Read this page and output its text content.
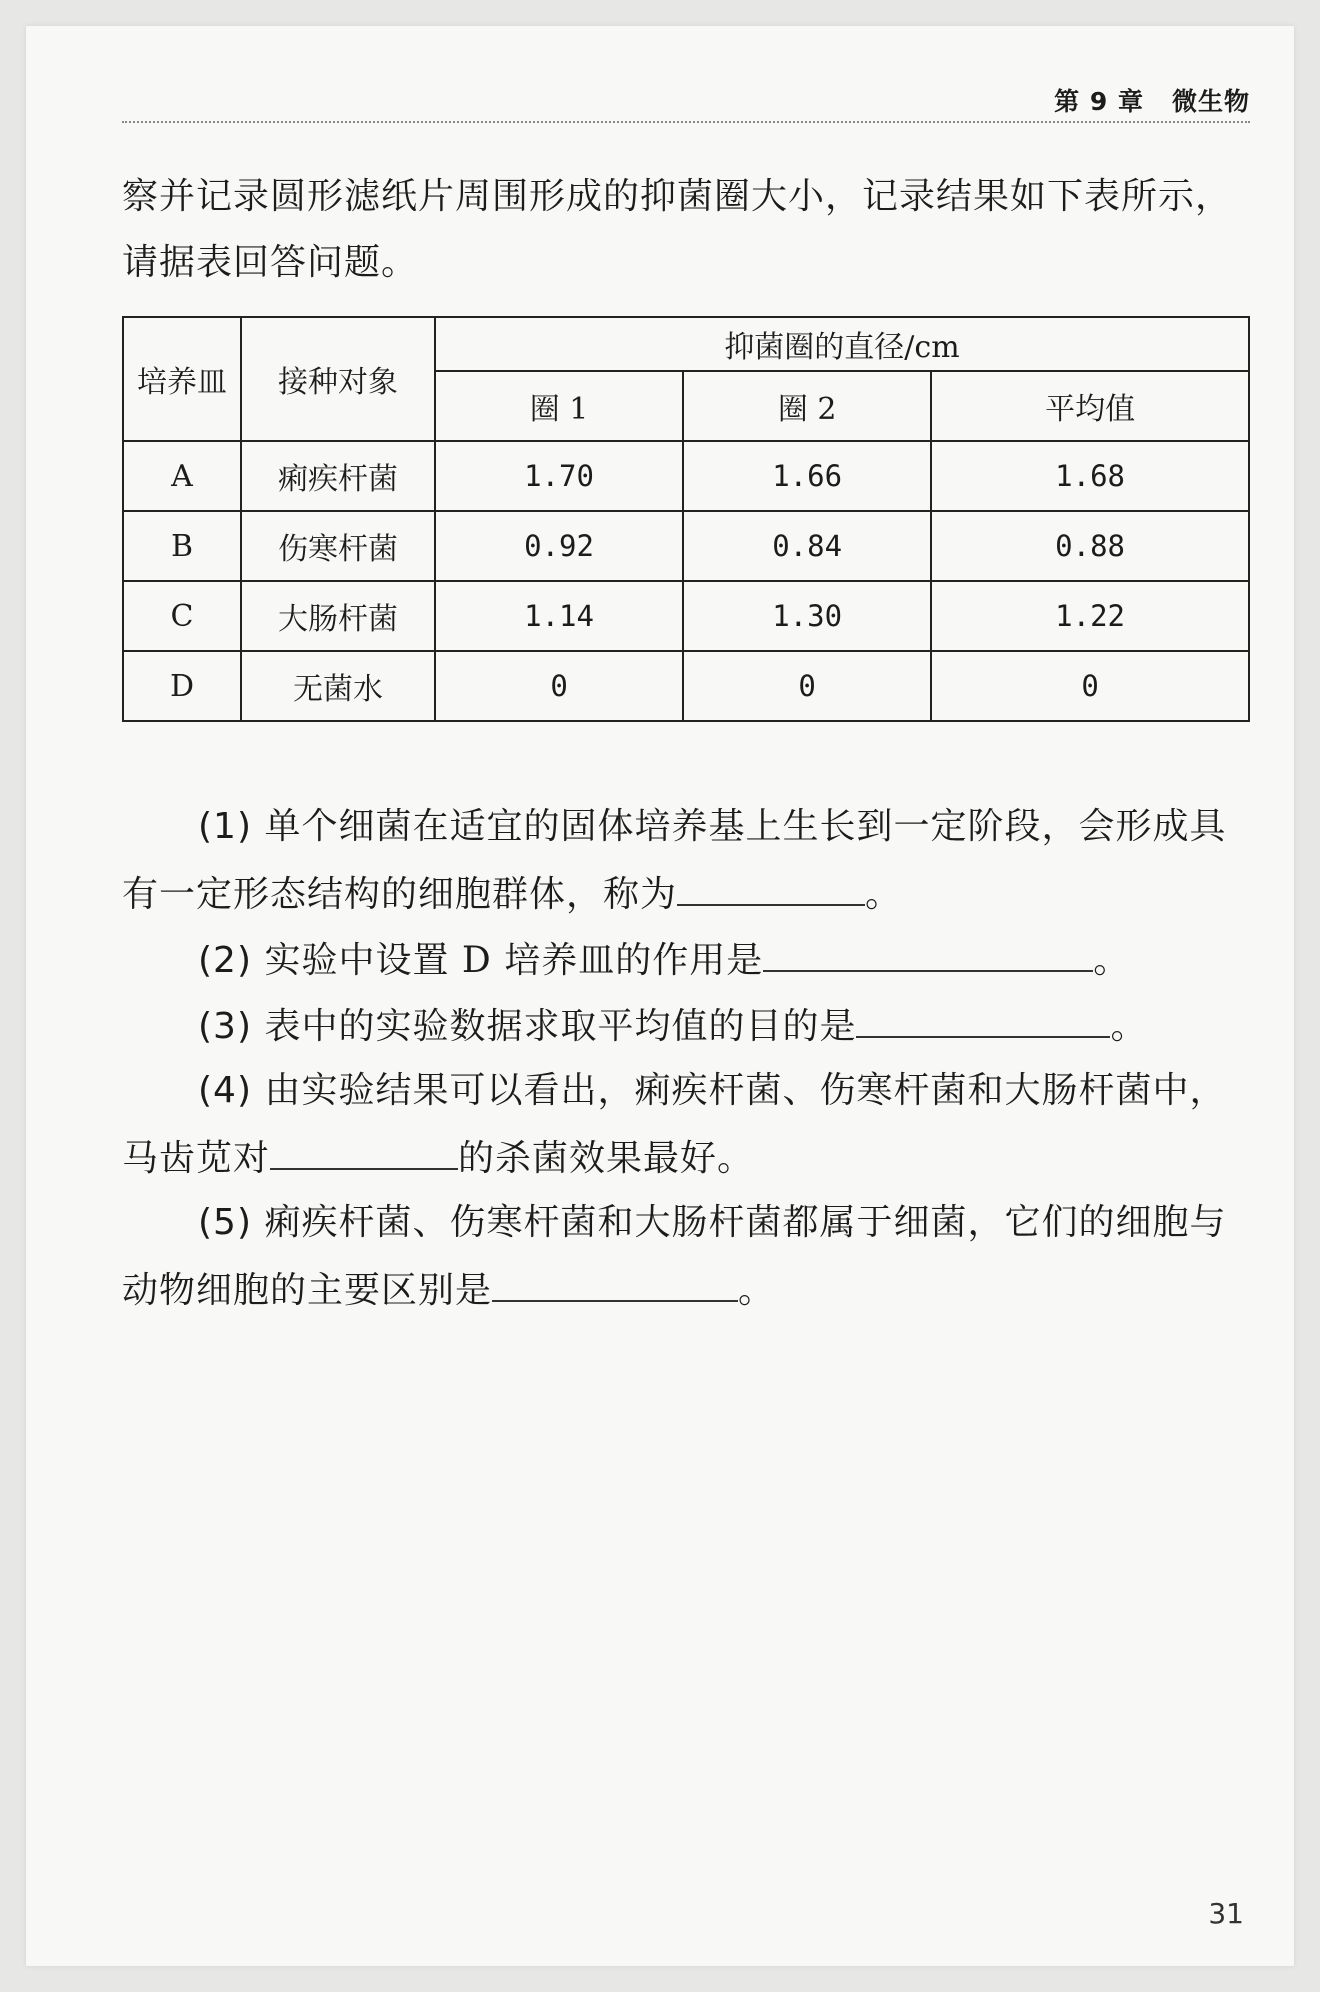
第 9 章 微生物
察并记录圆形滤纸片周围形成的抑菌圈大小，记录结果如下表所示，请据表回答问题。
培养皿	接种对象	抑菌圈的直径/cm		
		圈 1	圈 2	平均值
A	痢疾杆菌	1.70	1.66	1.68
B	伤寒杆菌	0.92	0.84	0.88
C	大肠杆菌	1.14	1.30	1.22
D	无菌水	0	0	0
(1) 单个细菌在适宜的固体培养基上生长到一定阶段，会形成具有一定形态结构的细胞群体，称为	。
(2) 实验中设置 D 培养皿的作用是	。
(3) 表中的实验数据求取平均值的目的是	。
(4) 由实验结果可以看出，痢疾杆菌、伤寒杆菌和大肠杆菌中，马齿苋对	的杀菌效果最好。
(5) 痢疾杆菌、伤寒杆菌和大肠杆菌都属于细菌，它们的细胞与动物细胞的主要区别是	。
31
